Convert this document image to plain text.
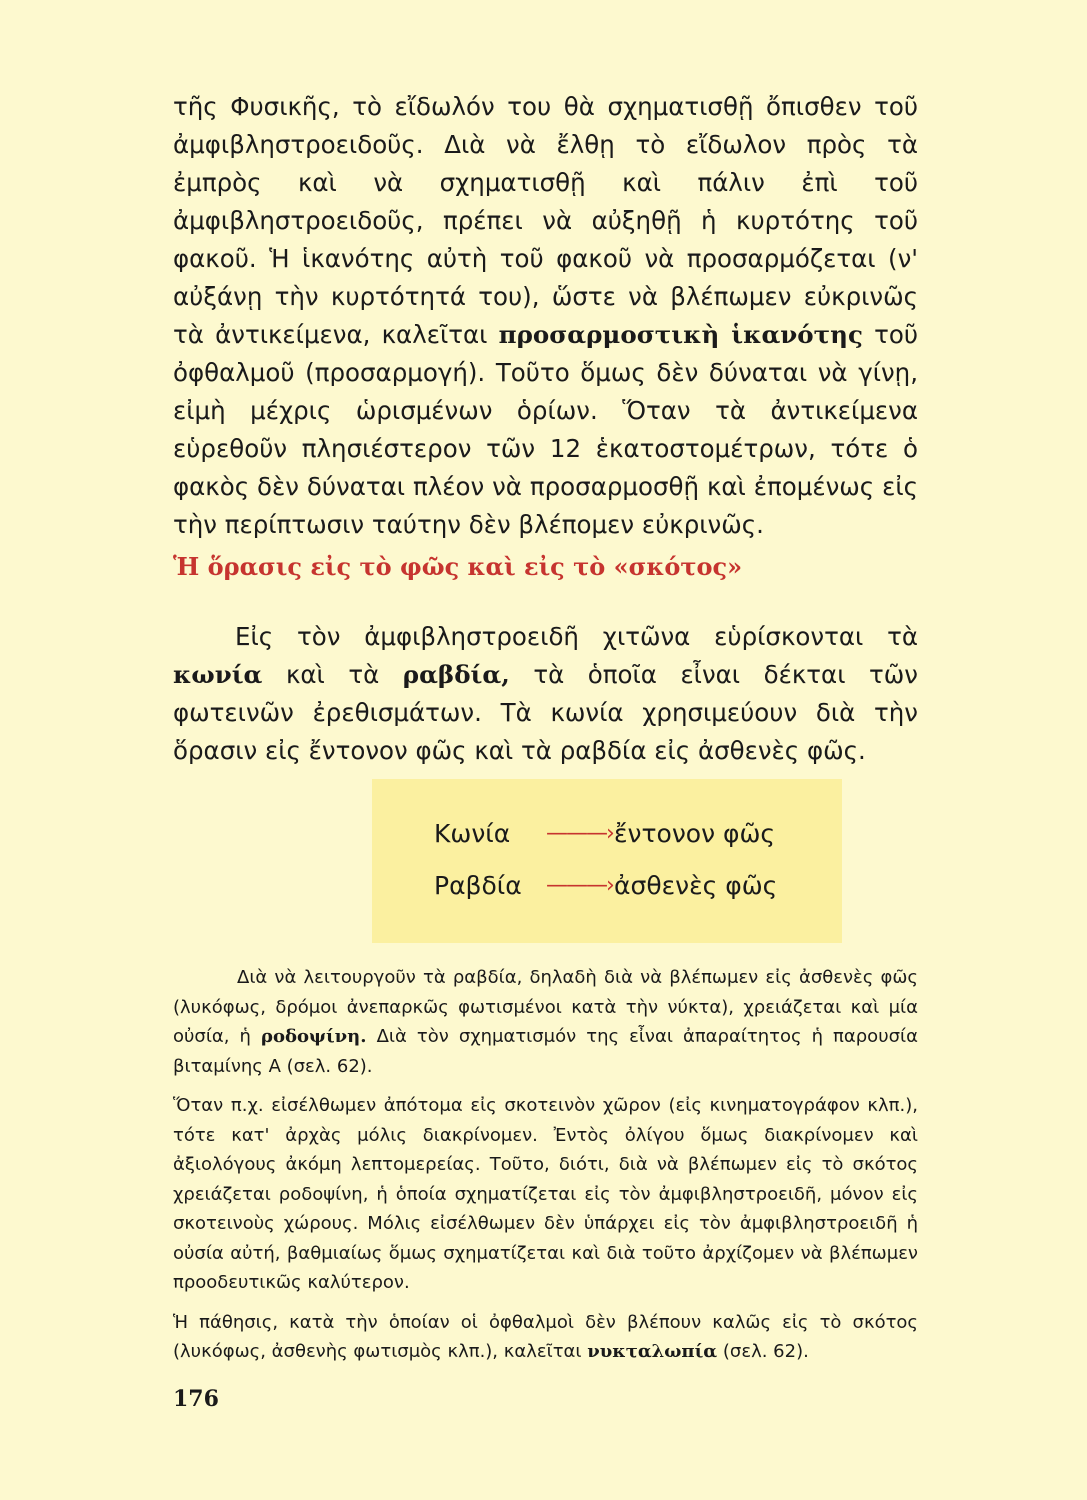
τῆς Φυσικῆς, τὸ εἴδωλόν του θὰ σχηματισθῇ ὄπισθεν τοῦ ἀμφιβληστροειδοῦς. Διὰ νὰ ἔλθῃ τὸ εἴδωλον πρὸς τὰ ἐμπρὸς καὶ νὰ σχηματισθῇ καὶ πάλιν ἐπὶ τοῦ ἀμφιβληστροειδοῦς, πρέπει νὰ αὐξηθῇ ἡ κυρτότης τοῦ φακοῦ. Ἡ ἱκανότης αὐτὴ τοῦ φακοῦ νὰ προσαρμόζεται (ν' αὐξάνῃ τὴν κυρτότητά του), ὥστε νὰ βλέπωμεν εὐκρινῶς τὰ ἀντικείμενα, καλεῖται προσαρμοστικὴ ἱκανότης τοῦ ὀφθαλμοῦ (προσαρμογή). Τοῦτο ὅμως δὲν δύναται νὰ γίνῃ, εἰμὴ μέχρις ὡρισμένων ὁρίων. Ὅταν τὰ ἀντικείμενα εὑρεθοῦν πλησιέστερον τῶν 12 ἑκατοστομέτρων, τότε ὁ φακὸς δὲν δύναται πλέον νὰ προσαρμοσθῇ καὶ ἐπομένως εἰς τὴν περίπτωσιν ταύτην δὲν βλέπομεν εὐκρινῶς.

Ἡ ὅρασις εἰς τὸ φῶς καὶ εἰς τὸ «σκότος»

Εἰς τὸν ἀμφιβληστροειδῆ χιτῶνα εὑρίσκονται τὰ κωνία καὶ τὰ ραβδία, τὰ ὁποῖα εἶναι δέκται τῶν φωτεινῶν ἐρεθισμάτων. Τὰ κωνία χρησιμεύουν διὰ τὴν ὅρασιν εἰς ἔντονον φῶς καὶ τὰ ραβδία εἰς ἀσθενὲς φῶς.

Κωνία	———› ἔντονον φῶς
Ραβδία	———› ἀσθενὲς φῶς

Διὰ νὰ λειτουργοῦν τὰ ραβδία, δηλαδὴ διὰ νὰ βλέπωμεν εἰς ἀσθενὲς φῶς (λυκόφως, δρόμοι ἀνεπαρκῶς φωτισμένοι κατὰ τὴν νύκτα), χρειάζεται καὶ μία οὐσία, ἡ ροδοψίνη. Διὰ τὸν σχηματισμόν της εἶναι ἀπαραίτητος ἡ παρουσία βιταμίνης Α (σελ. 62).

Ὅταν π.χ. εἰσέλθωμεν ἀπότομα εἰς σκοτεινὸν χῶρον (εἰς κινηματογράφον κλπ.), τότε κατ' ἀρχὰς μόλις διακρίνομεν. Ἐντὸς ὀλίγου ὅμως διακρίνομεν καὶ ἀξιολόγους ἀκόμη λεπτομερείας. Τοῦτο, διότι, διὰ νὰ βλέπωμεν εἰς τὸ σκότος χρειάζεται ροδοψίνη, ἡ ὁποία σχηματίζεται εἰς τὸν ἀμφιβληστροειδῆ, μόνον εἰς σκοτεινοὺς χώρους. Μόλις εἰσέλθωμεν δὲν ὑπάρχει εἰς τὸν ἀμφιβληστροειδῆ ἡ οὐσία αὐτή, βαθμιαίως ὅμως σχηματίζεται καὶ διὰ τοῦτο ἀρχίζομεν νὰ βλέπωμεν προοδευτικῶς καλύτερον.

Ἡ πάθησις, κατὰ τὴν ὁποίαν οἱ ὀφθαλμοὶ δὲν βλέπουν καλῶς εἰς τὸ σκότος (λυκόφως, ἀσθενὴς φωτισμὸς κλπ.), καλεῖται νυκταλωπία (σελ. 62).

176
